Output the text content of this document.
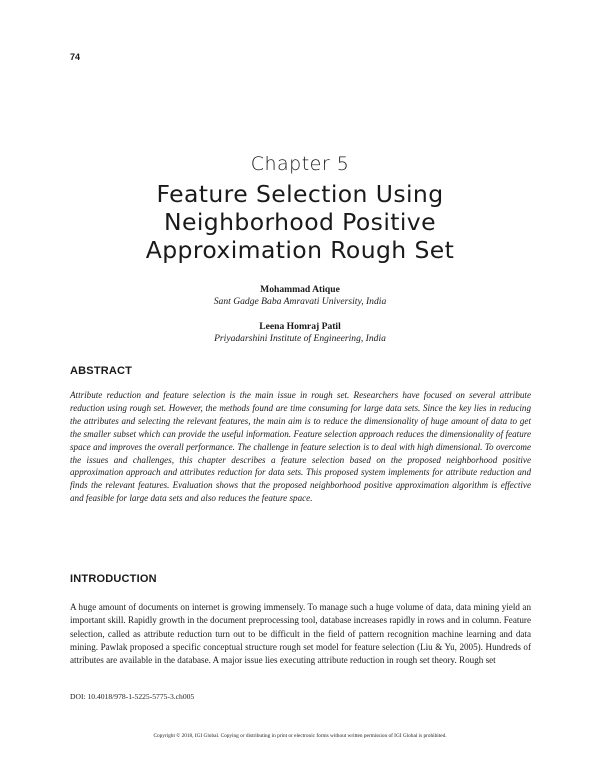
74
Chapter 5
Feature Selection Using
Neighborhood Positive
Approximation Rough Set
Mohammad Atique
Sant Gadge Baba Amravati University, India
Leena Homraj Patil
Priyadarshini Institute of Engineering, India
ABSTRACT
Attribute reduction and feature selection is the main issue in rough set. Researchers have focused on several attribute reduction using rough set. However, the methods found are time consuming for large data sets. Since the key lies in reducing the attributes and selecting the relevant features, the main aim is to reduce the dimensionality of huge amount of data to get the smaller subset which can provide the useful information. Feature selection approach reduces the dimensionality of feature space and improves the overall performance. The challenge in feature selection is to deal with high dimensional. To overcome the issues and challenges, this chapter describes a feature selection based on the proposed neighborhood positive approximation approach and attributes reduction for data sets. This proposed system implements for attribute reduction and finds the relevant features. Evaluation shows that the proposed neighborhood positive approximation algorithm is effective and feasible for large data sets and also reduces the feature space.
INTRODUCTION
A huge amount of documents on internet is growing immensely. To manage such a huge volume of data, data mining yield an important skill. Rapidly growth in the document preprocessing tool, database increases rapidly in rows and in column. Feature selection, called as attribute reduction turn out to be difficult in the field of pattern recognition machine learning and data mining. Pawlak proposed a specific conceptual structure rough set model for feature selection (Liu & Yu, 2005). Hundreds of attributes are available in the database. A major issue lies executing attribute reduction in rough set theory. Rough set
DOI: 10.4018/978-1-5225-5775-3.ch005
Copyright © 2018, IGI Global. Copying or distributing in print or electronic forms without written permission of IGI Global is prohibited.
